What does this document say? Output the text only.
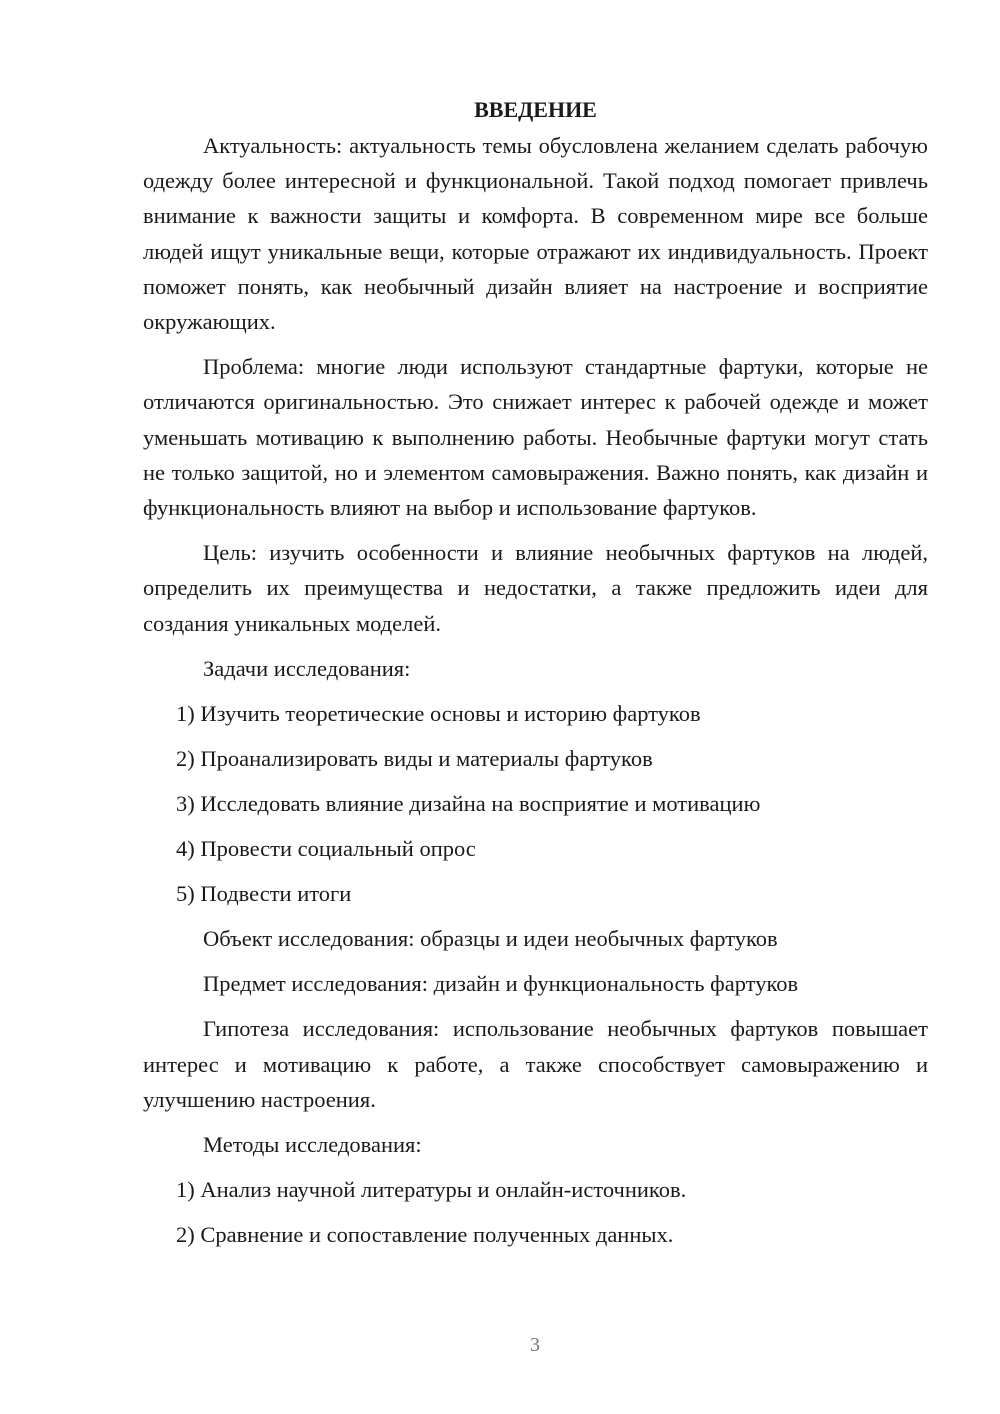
ВВЕДЕНИЕ

Актуальность: актуальность темы обусловлена желанием сделать рабочую одежду более интересной и функциональной. Такой подход помогает привлечь внимание к важности защиты и комфорта. В современном мире все больше людей ищут уникальные вещи, которые отражают их индивидуальность. Проект поможет понять, как необычный дизайн влияет на настроение и восприятие окружающих.

Проблема: многие люди используют стандартные фартуки, которые не отличаются оригинальностью. Это снижает интерес к рабочей одежде и может уменьшать мотивацию к выполнению работы. Необычные фартуки могут стать не только защитой, но и элементом самовыражения. Важно понять, как дизайн и функциональность влияют на выбор и использование фартуков.

Цель: изучить особенности и влияние необычных фартуков на людей, определить их преимущества и недостатки, а также предложить идеи для создания уникальных моделей.

Задачи исследования:

1) Изучить теоретические основы и историю фартуков
2) Проанализировать виды и материалы фартуков
3) Исследовать влияние дизайна на восприятие и мотивацию
4) Провести социальный опрос
5) Подвести итоги

Объект исследования: образцы и идеи необычных фартуков

Предмет исследования: дизайн и функциональность фартуков

Гипотеза исследования: использование необычных фартуков повышает интерес и мотивацию к работе, а также способствует самовыражению и улучшению настроения.

Методы исследования:

1) Анализ научной литературы и онлайн-источников.
2) Сравнение и сопоставление полученных данных.
3
